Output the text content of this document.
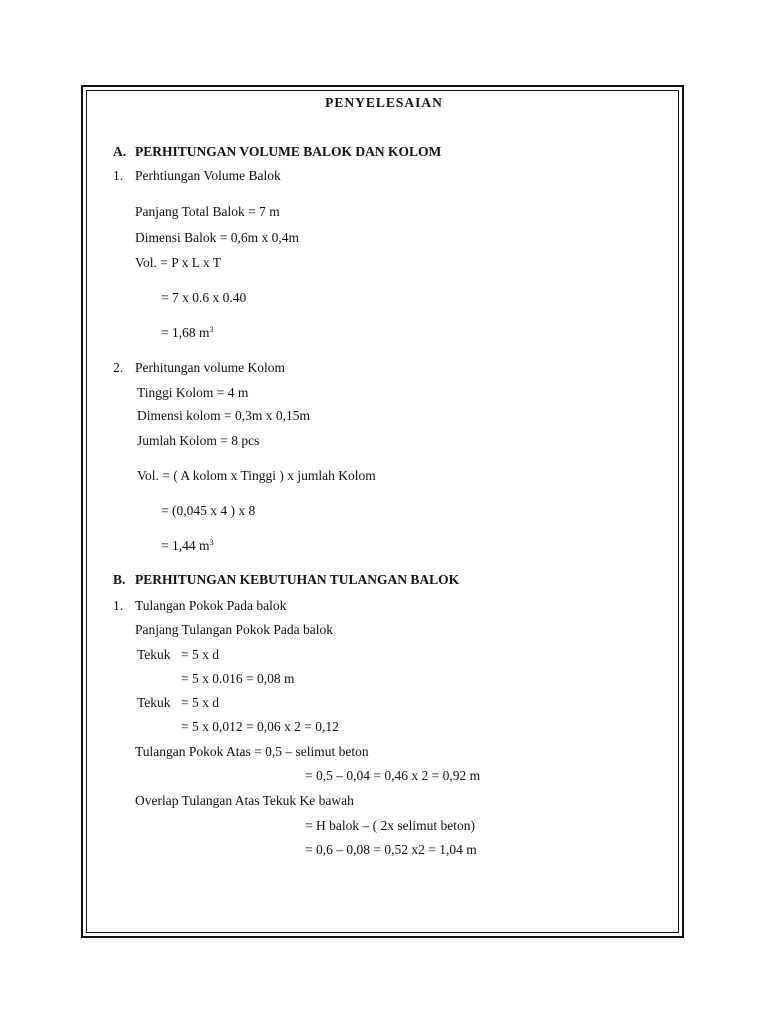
PENYELESAIAN
A. PERHITUNGAN VOLUME BALOK DAN KOLOM
1. Perhtiungan Volume Balok
Panjang Total Balok = 7 m
Dimensi Balok = 0,6m x 0,4m
Vol. = P x L x T
= 7 x 0.6 x 0.40
= 1,68 $m^3$
2. Perhitungan volume Kolom
Tinggi Kolom = 4 m
Dimensi kolom = 0,3m x 0,15m
Jumlah Kolom = 8 pcs
Vol. = ( A kolom x Tinggi ) x jumlah Kolom
= (0,045 x 4 ) x 8
= 1,44 $m^3$
B. PERHITUNGAN KEBUTUHAN TULANGAN BALOK
1. Tulangan Pokok Pada balok
Panjang Tulangan Pokok Pada balok
Tekuk = 5 x d
= 5 x 0.016 = 0,08 m
Tekuk = 5 x d
= 5 x 0,012 = 0,06 x 2 = 0,12
Tulangan Pokok Atas = 0,5 – selimut beton
= 0,5 – 0,04 = 0,46 x 2 = 0,92 m
Overlap Tulangan Atas Tekuk Ke bawah
= H balok – ( 2x selimut beton)
= 0,6 – 0,08 = 0,52 x2 = 1,04 m
